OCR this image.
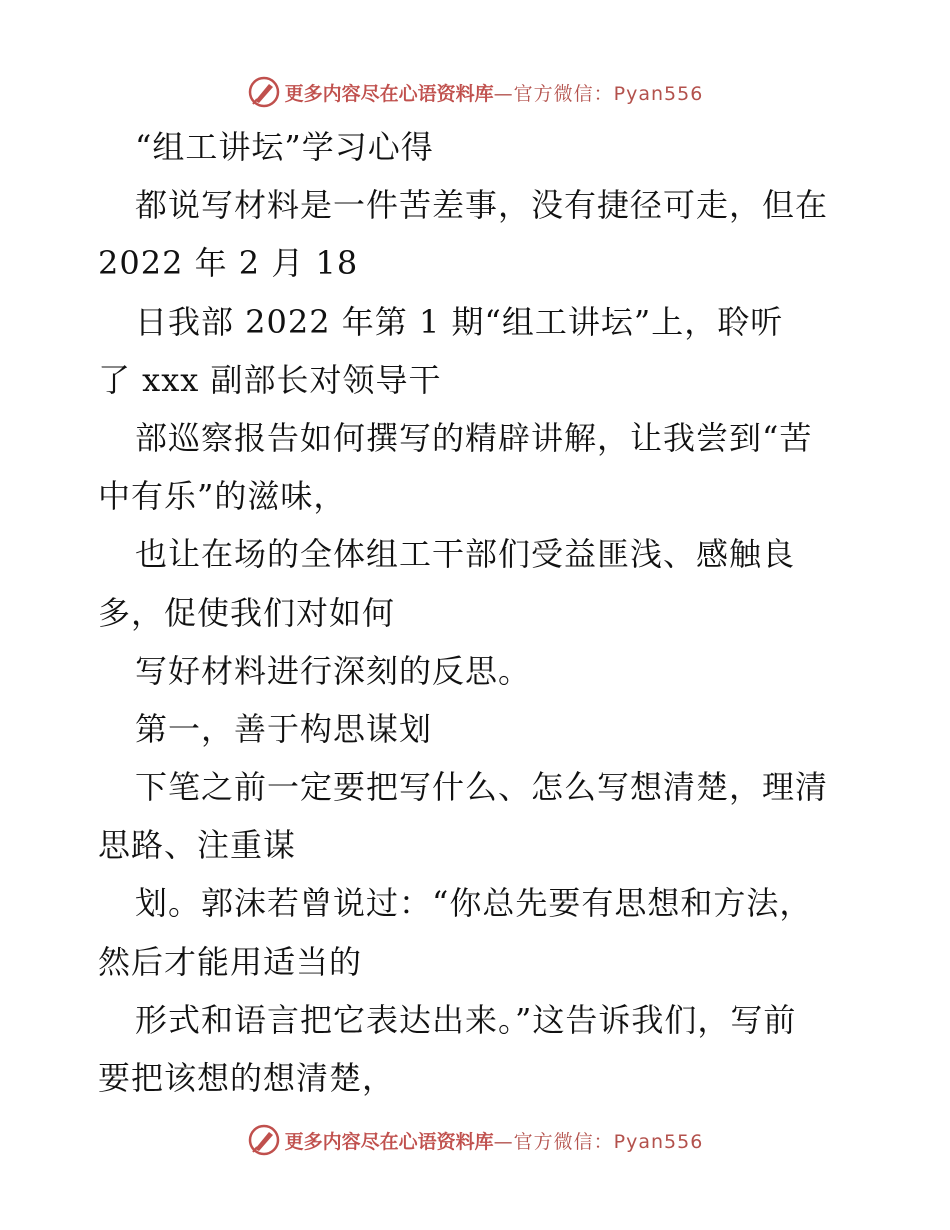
更多内容尽在心语资料库 —官方微信：Pyan556
“组工讲坛”学习心得
都说写材料是一件苦差事，没有捷径可走，但在
2022 年 2 月 18
日我部 2022 年第 1 期“组工讲坛”上，聆听
了 xxx 副部长对领导干
部巡察报告如何撰写的精辟讲解，让我尝到“苦
中有乐”的滋味，
也让在场的全体组工干部们受益匪浅、感触良
多，促使我们对如何
写好材料进行深刻的反思。
第一，善于构思谋划
下笔之前一定要把写什么、怎么写想清楚，理清
思路、注重谋
划。郭沫若曾说过：“你总先要有思想和方法，
然后才能用适当的
形式和语言把它表达出来。”这告诉我们，写前
要把该想的想清楚，
更多内容尽在心语资料库 —官方微信：Pyan556
